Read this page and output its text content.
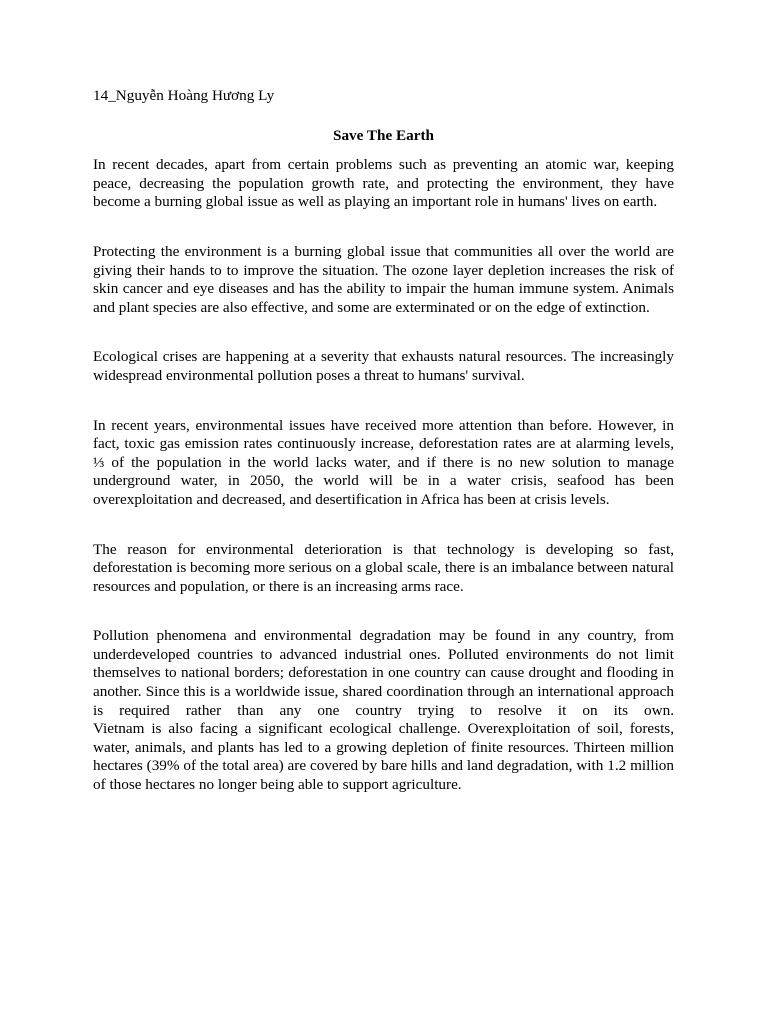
14_Nguyễn Hoàng Hương Ly

Save The Earth

In recent decades, apart from certain problems such as preventing an atomic war, keeping peace, decreasing the population growth rate, and protecting the environment, they have become a burning global issue as well as playing an important role in humans' lives on earth.

Protecting the environment is a burning global issue that communities all over the world are giving their hands to to improve the situation. The ozone layer depletion increases the risk of skin cancer and eye diseases and has the ability to impair the human immune system. Animals and plant species are also effective, and some are exterminated or on the edge of extinction.

Ecological crises are happening at a severity that exhausts natural resources. The increasingly widespread environmental pollution poses a threat to humans' survival.

In recent years, environmental issues have received more attention than before. However, in fact, toxic gas emission rates continuously increase, deforestation rates are at alarming levels, ⅓ of the population in the world lacks water, and if there is no new solution to manage underground water, in 2050, the world will be in a water crisis, seafood has been overexploitation and decreased, and desertification in Africa has been at crisis levels.

The reason for environmental deterioration is that technology is developing so fast, deforestation is becoming more serious on a global scale, there is an imbalance between natural resources and population, or there is an increasing arms race.

Pollution phenomena and environmental degradation may be found in any country, from underdeveloped countries to advanced industrial ones. Polluted environments do not limit themselves to national borders; deforestation in one country can cause drought and flooding in another. Since this is a worldwide issue, shared coordination through an international approach is required rather than any one country trying to resolve it on its own.

Vietnam is also facing a significant ecological challenge. Overexploitation of soil, forests, water, animals, and plants has led to a growing depletion of finite resources. Thirteen million hectares (39% of the total area) are covered by bare hills and land degradation, with 1.2 million of those hectares no longer being able to support agriculture.
